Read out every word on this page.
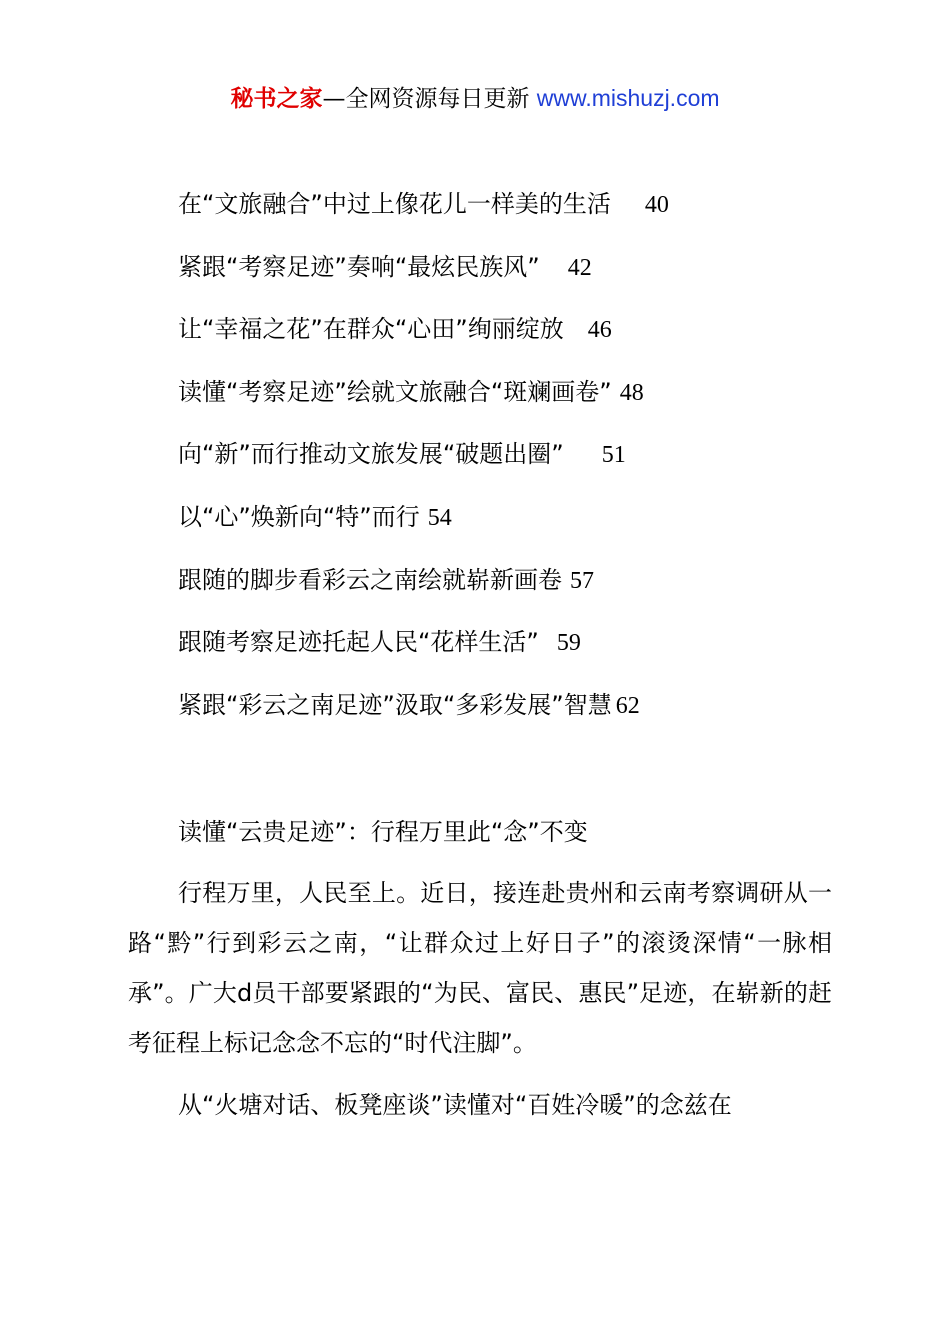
秘书之家—全网资源每日更新 www.mishuzj.com
在“文旅融合”中过上像花儿一样美的生活 40
紧跟“考察足迹”奏响“最炫民族风” 42
让“幸福之花”在群众“心田”绚丽绽放 46
读懂“考察足迹”绘就文旅融合“斑斓画卷” 48
向“新”而行推动文旅发展“破题出圈” 51
以“心”焕新向“特”而行 54
跟随的脚步看彩云之南绘就崭新画卷 57
跟随考察足迹托起人民“花样生活” 59
紧跟“彩云之南足迹”汲取“多彩发展”智慧 62
读懂“云贵足迹”：行程万里此“念”不变

行程万里，人民至上。近日，接连赴贵州和云南考察调研从一路“黔”行到彩云之南，“让群众过上好日子”的滚烫深情“一脉相承”。广大d员干部要紧跟的“为民、富民、惠民”足迹，在崭新的赶考征程上标记念念不忘的“时代注脚”。

从“火塘对话、板凳座谈”读懂对“百姓冷暖”的念兹在
